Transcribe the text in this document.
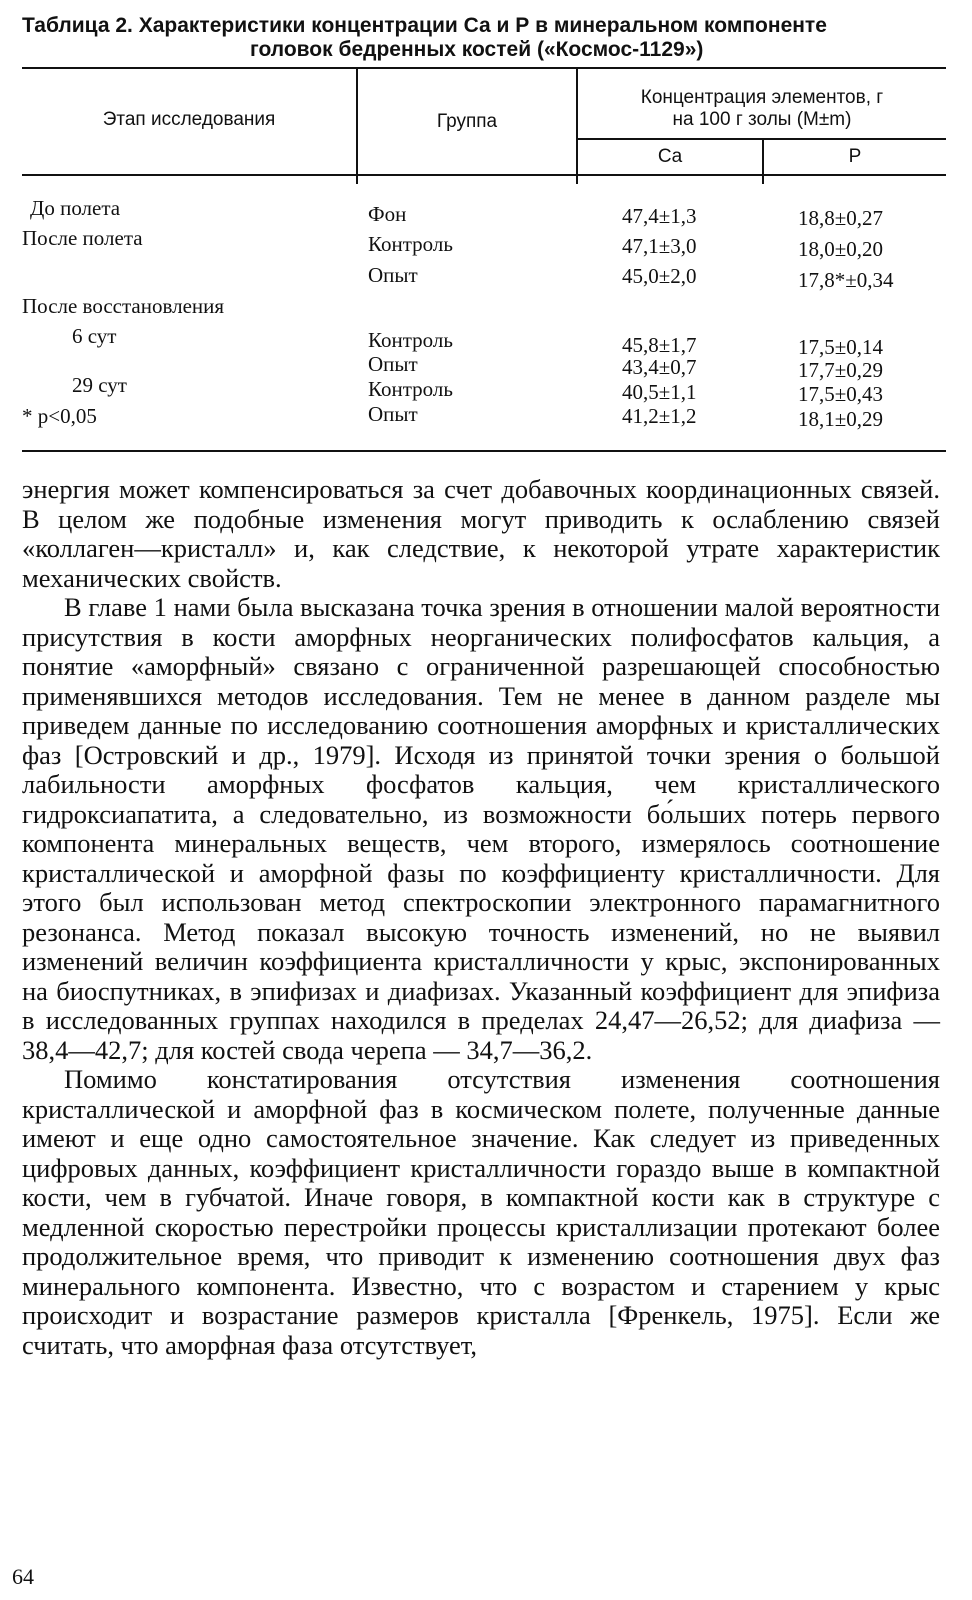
Таблица 2. Характеристики концентрации Са и Р в минеральном компоненте
головок бедренных костей («Космос-1129»)
Этап исследования	Группа
Концентрация элементов, г
на 100 г золы (M±m)
Ca	P
До полета	Фон	47,4±1,3	18,8±0,27
После полета	Контроль	47,1±3,0	18,0±0,20
Опыт	45,0±2,0	17,8*±0,34
После восстановления
6 сут	Контроль	45,8±1,7	17,5±0,14
Опыт	43,4±0,7	17,7±0,29
29 сут	Контроль	40,5±1,1	17,5±0,43
Опыт	41,2±1,2	18,1±0,29
* p<0,05

энергия может компенсироваться за счет добавочных координационных связей. В целом же подобные изменения могут приводить к ослаблению связей «коллаген—кристалл» и, как следствие, к некоторой утрате характеристик механических свойств.

В главе 1 нами была высказана точка зрения в отношении малой вероятности присутствия в кости аморфных неорганических полифосфатов кальция, а понятие «аморфный» связано с ограниченной разрешающей способностью применявшихся методов исследования. Тем не менее в данном разделе мы приведем данные по исследованию соотношения аморфных и кристаллических фаз [Островский и др., 1979]. Исходя из принятой точки зрения о большой лабильности аморфных фосфатов кальция, чем кристаллического гидроксиапатита, а следовательно, из возможности бо́льших потерь первого компонента минеральных веществ, чем второго, измерялось соотношение кристаллической и аморфной фазы по коэффициенту кристалличности. Для этого был использован метод спектроскопии электронного парамагнитного резонанса. Метод показал высокую точность изменений, но не выявил изменений величин коэффициента кристалличности у крыс, экспонированных на биоспутниках, в эпифизах и диафизах. Указанный коэффициент для эпифиза в исследованных группах находился в пределах 24,47—26,52; для диафиза — 38,4—42,7; для костей свода черепа — 34,7—36,2.

Помимо констатирования отсутствия изменения соотношения кристаллической и аморфной фаз в космическом полете, полученные данные имеют и еще одно самостоятельное значение. Как следует из приведенных цифровых данных, коэффициент кристалличности гораздо выше в компактной кости, чем в губчатой. Иначе говоря, в компактной кости как в структуре с медленной скоростью перестройки процессы кристаллизации протекают более продолжительное время, что приводит к изменению соотношения двух фаз минерального компонента. Известно, что с возрастом и старением у крыс происходит и возрастание размеров кристалла [Френкель, 1975]. Если же считать, что аморфная фаза отсутствует,

64
